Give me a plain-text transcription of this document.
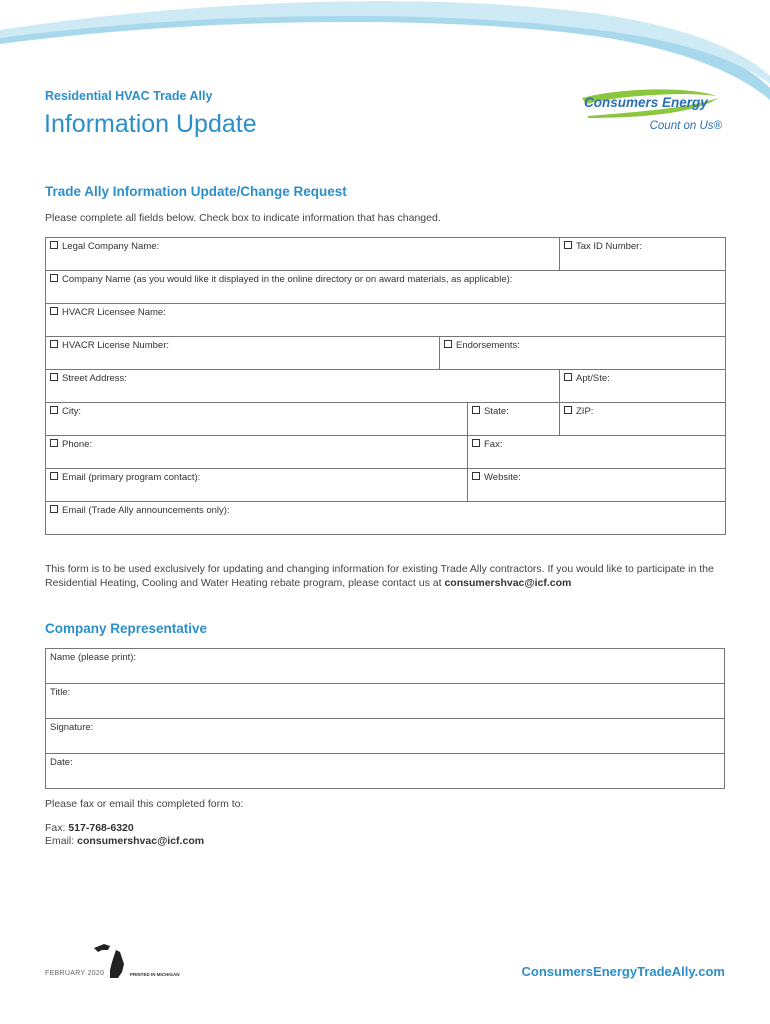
Residential HVAC Trade Ally
Information Update
Consumers Energy
Count on Us®
Trade Ally Information Update/Change Request
Please complete all fields below. Check box to indicate information that has changed.
Legal Company Name:			Tax ID Number:
Company Name (as you would like it displayed in the online directory or on award materials, as applicable):			
HVACR Licensee Name:			
HVACR License Number:	Endorsements:		
Street Address:			Apt/Ste:
City:		State:	ZIP:
Phone:		Fax:	
Email (primary program contact):		Website:	
Email (Trade Ally announcements only):			
This form is to be used exclusively for updating and changing information for existing Trade Ally contractors. If you would like to participate in the Residential Heating, Cooling and Water Heating rebate program, please contact us at consumershvac@icf.com
Company Representative
Name (please print):
Title:
Signature:
Date:
Please fax or email this completed form to:
Fax: 517-768-6320
Email: consumershvac@icf.com
FEBRUARY 2020	PRINTED IN MICHIGAN	ConsumersEnergyTradeAlly.com
